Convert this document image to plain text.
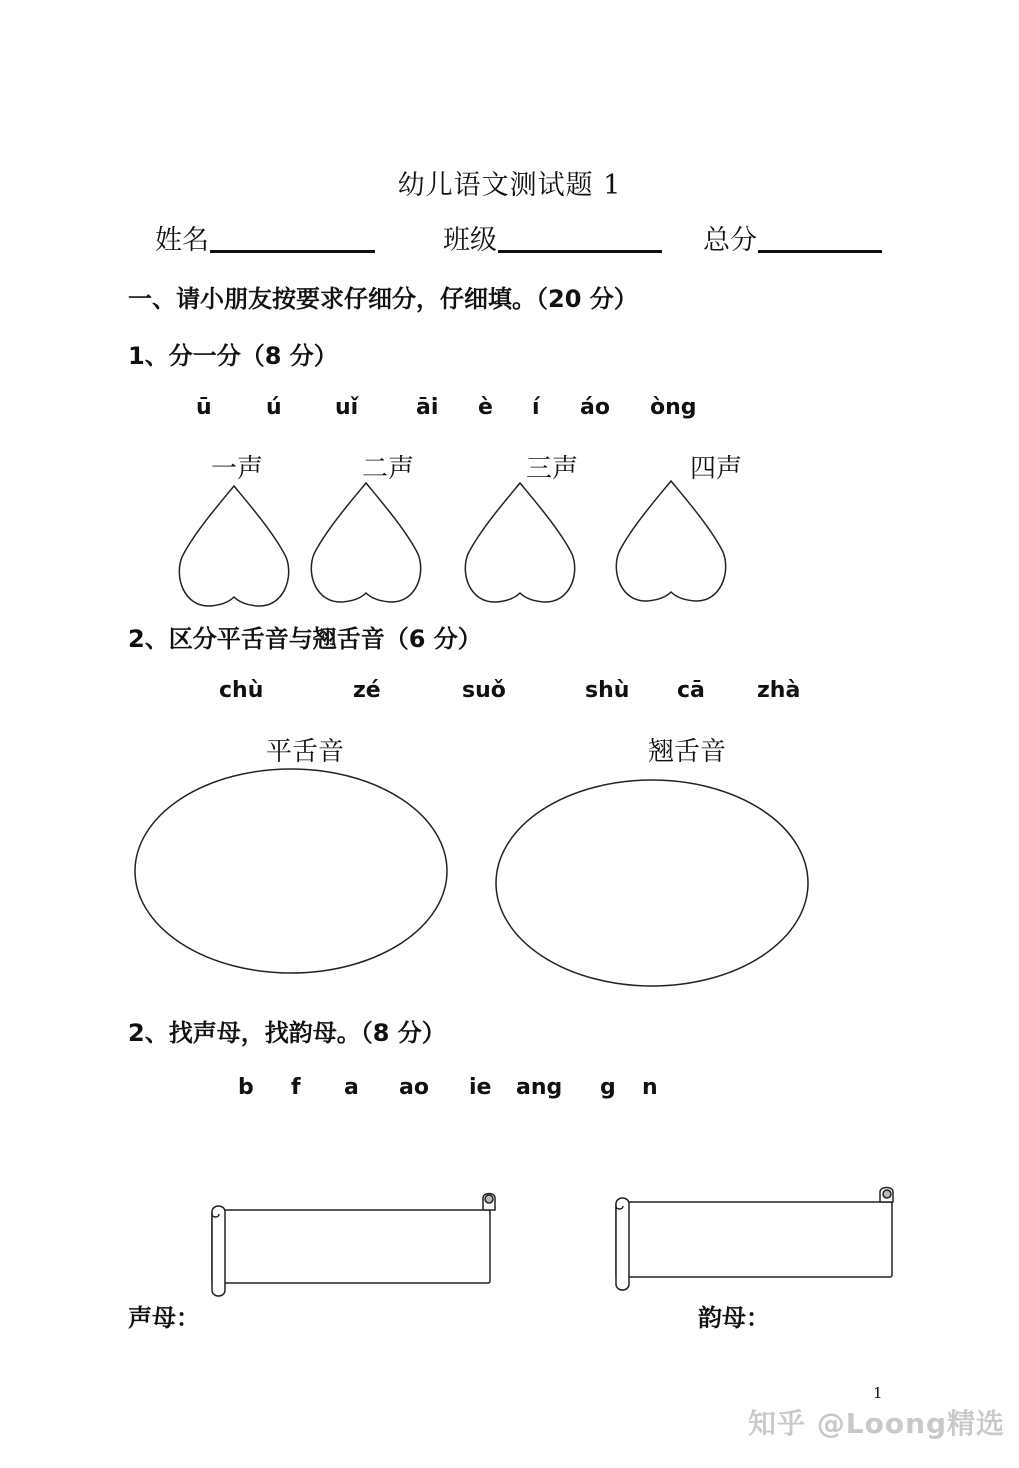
幼儿语文测试题 1
姓名	班级	总分
一、请小朋友按要求仔细分，仔细填。（20 分）
1、分一分（8 分）
ū ú uǐ	āi è í áo òng
一声	二声	三声	四声
2、区分平舌音与翘舌音（6 分）
chù	zé	suǒ	shù cā zhà
平舌音	翘舌音
2、找声母，找韵母。（8 分）
b f a ao ie ang g n
声母：	韵母：
1
知乎 @Loong精选
